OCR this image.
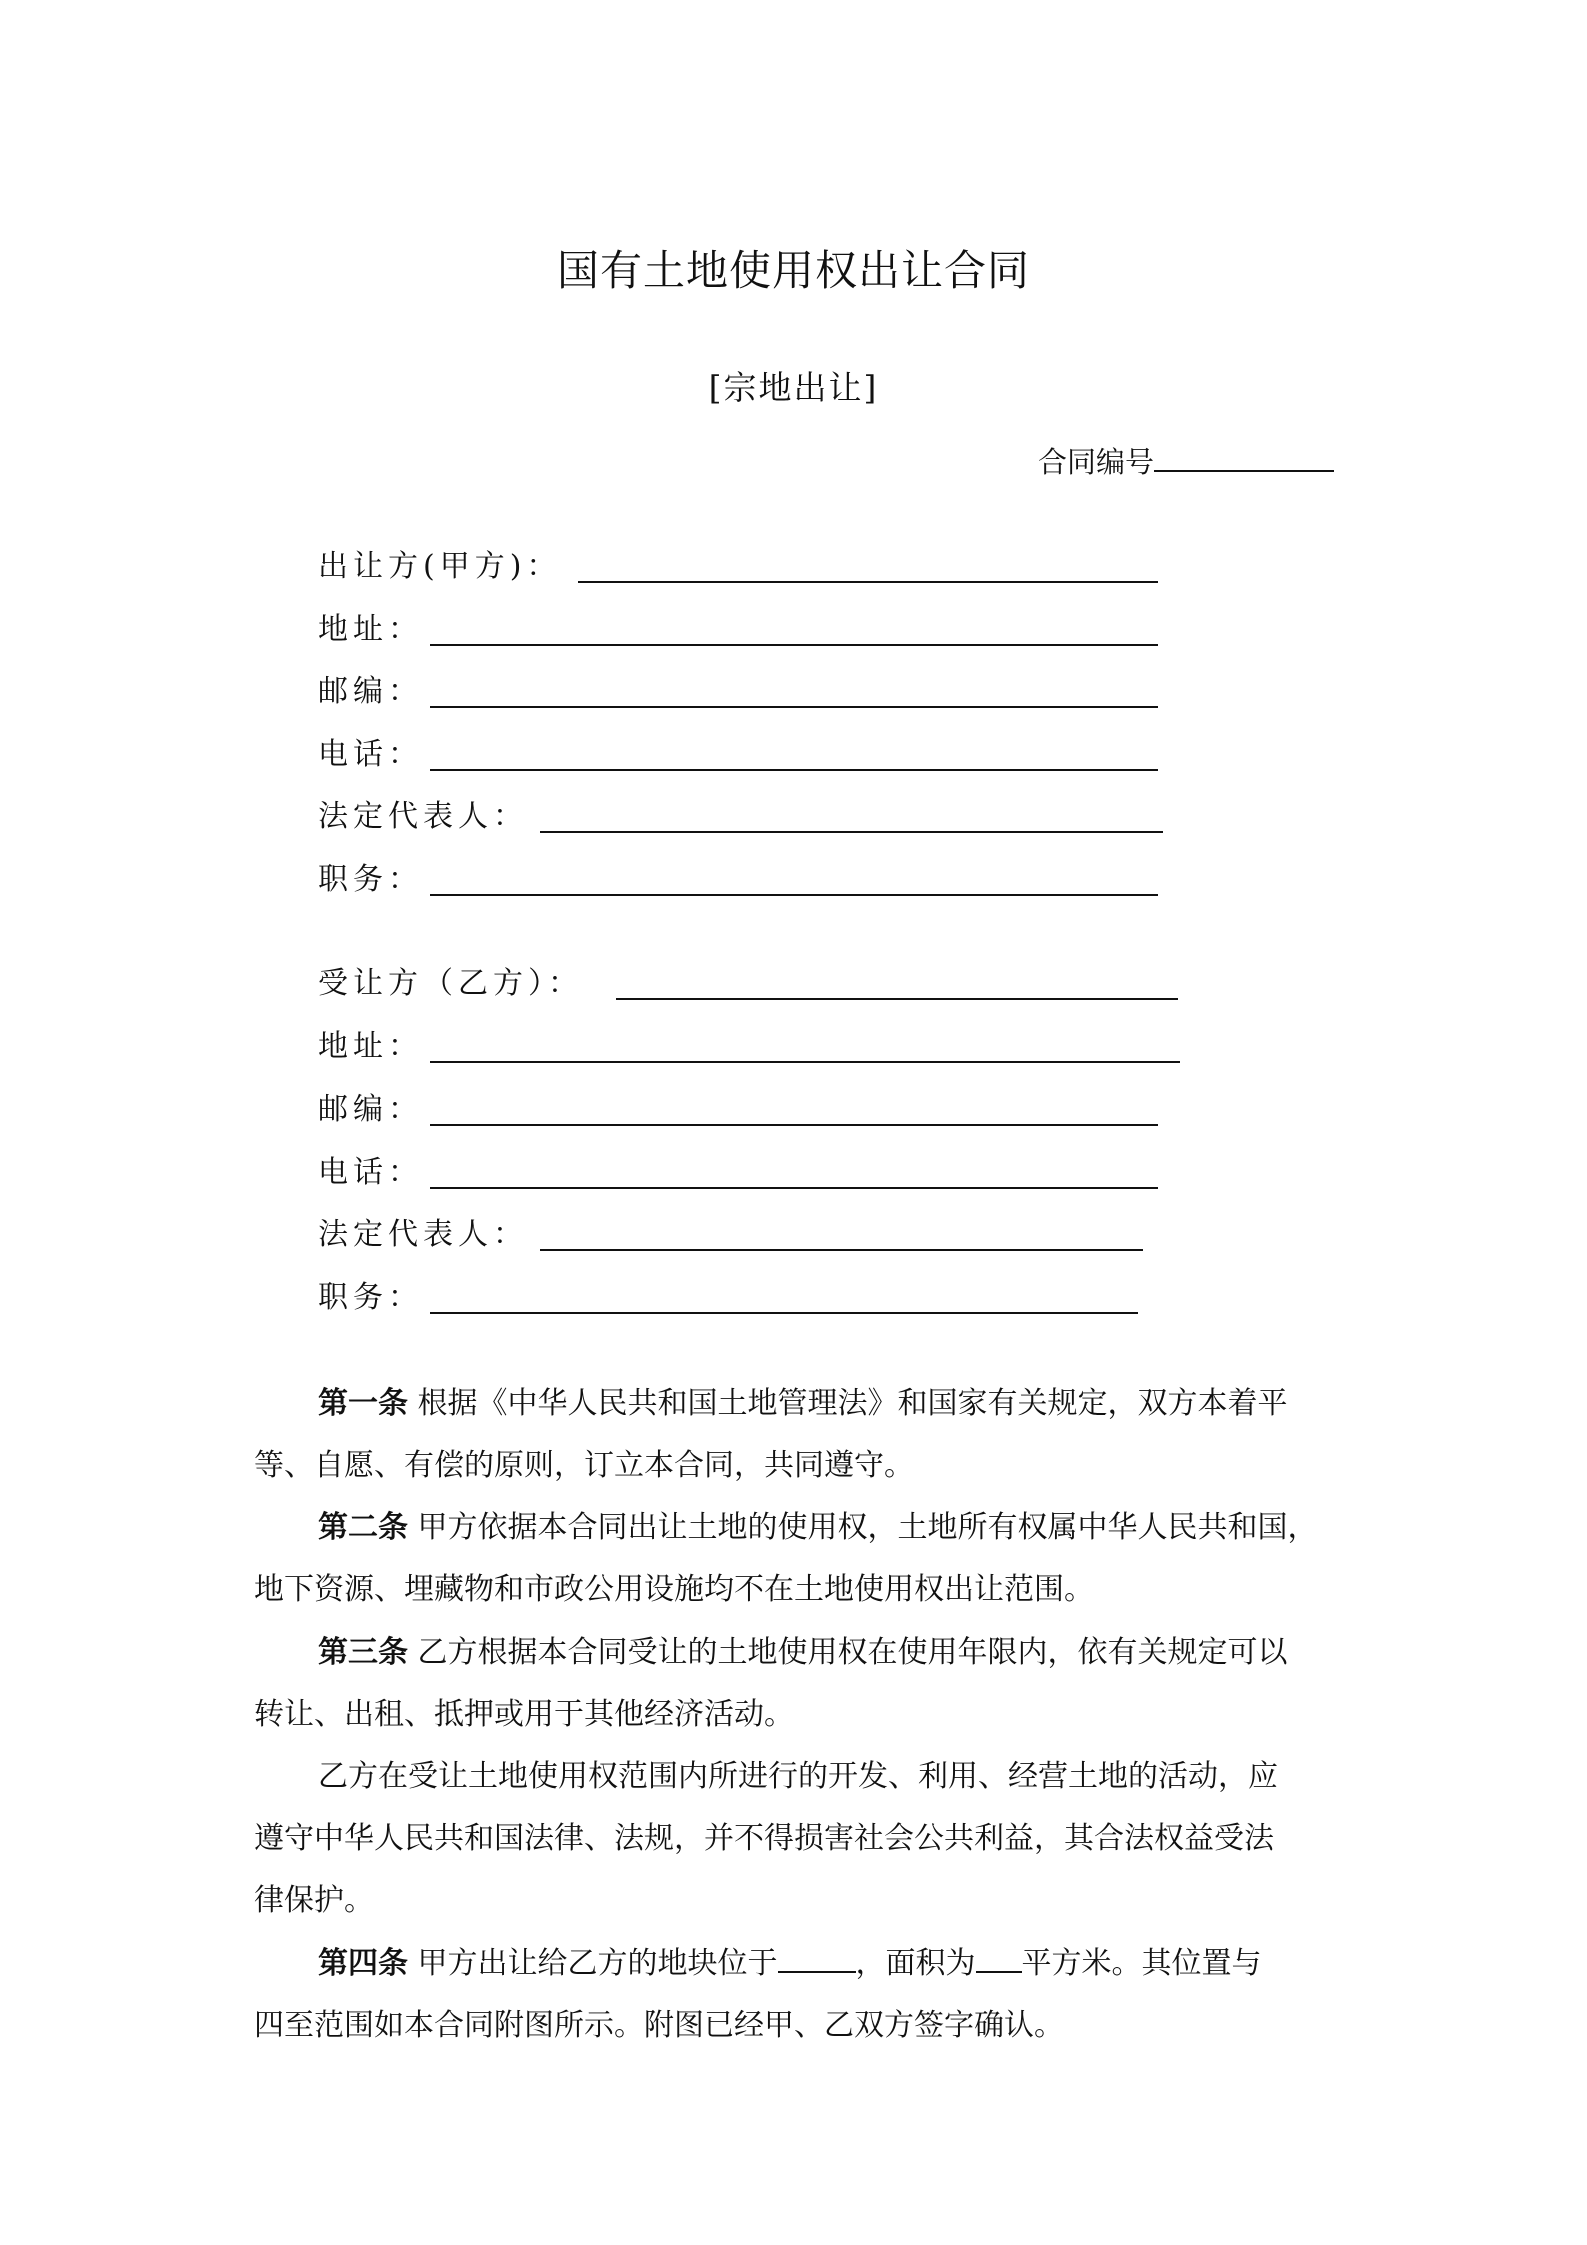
国有土地使用权出让合同
[宗地出让]
合同编号
出让方(甲方)：
地址：
邮编：
电话：
法定代表人：
职务：
受让方（乙方）：
地址：
邮编：
电话：
法定代表人：
职务：
第一条 根据《中华人民共和国土地管理法》和国家有关规定，双方本着平
等、自愿、有偿的原则，订立本合同，共同遵守。
第二条 甲方依据本合同出让土地的使用权，土地所有权属中华人民共和国，
地下资源、埋藏物和市政公用设施均不在土地使用权出让范围。
第三条 乙方根据本合同受让的土地使用权在使用年限内，依有关规定可以
转让、出租、抵押或用于其他经济活动。
乙方在受让土地使用权范围内所进行的开发、利用、经营土地的活动，应
遵守中华人民共和国法律、法规，并不得损害社会公共利益，其合法权益受法
律保护。
第四条 甲方出让给乙方的地块位于	，面积为 平方米。其位置与
四至范围如本合同附图所示。附图已经甲、乙双方签字确认。
